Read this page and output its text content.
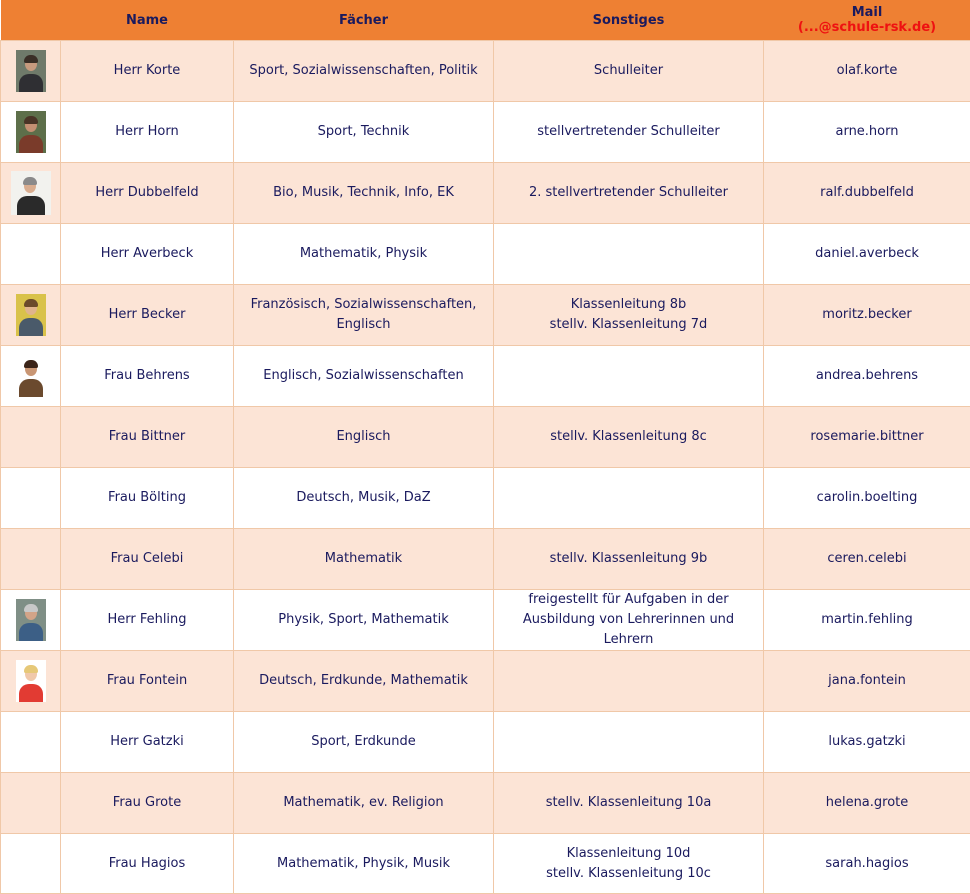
	Name	Fächer	Sonstiges	Mail
(...@schule-rsk.de)

	Herr Korte	Sport, Sozialwissenschaften, Politik	Schulleiter	olaf.korte

	Herr Horn	Sport, Technik	stellvertretender Schulleiter	arne.horn

	Herr Dubbelfeld	Bio, Musik, Technik, Info, EK	2. stellvertretender Schulleiter	ralf.dubbelfeld
	Herr Averbeck	Mathematik, Physik		daniel.averbeck

	Herr Becker	Französisch, Sozialwissenschaften, Englisch	Klassenleitung 8b
stellv. Klassenleitung 7d	moritz.becker

	Frau Behrens	Englisch, Sozialwissenschaften		andrea.behrens
	Frau Bittner	Englisch	stellv. Klassenleitung 8c	rosemarie.bittner
	Frau Bölting	Deutsch, Musik, DaZ		carolin.boelting
	Frau Celebi	Mathematik	stellv. Klassenleitung 9b	ceren.celebi

	Herr Fehling	Physik, Sport, Mathematik	freigestellt für Aufgaben in der Ausbildung von Lehrerinnen und Lehrern	martin.fehling

	Frau Fontein	Deutsch, Erdkunde, Mathematik		jana.fontein
	Herr Gatzki	Sport, Erdkunde		lukas.gatzki
	Frau Grote	Mathematik, ev. Religion	stellv. Klassenleitung 10a	helena.grote
	Frau Hagios	Mathematik, Physik, Musik	Klassenleitung 10d
stellv. Klassenleitung 10c	sarah.hagios
